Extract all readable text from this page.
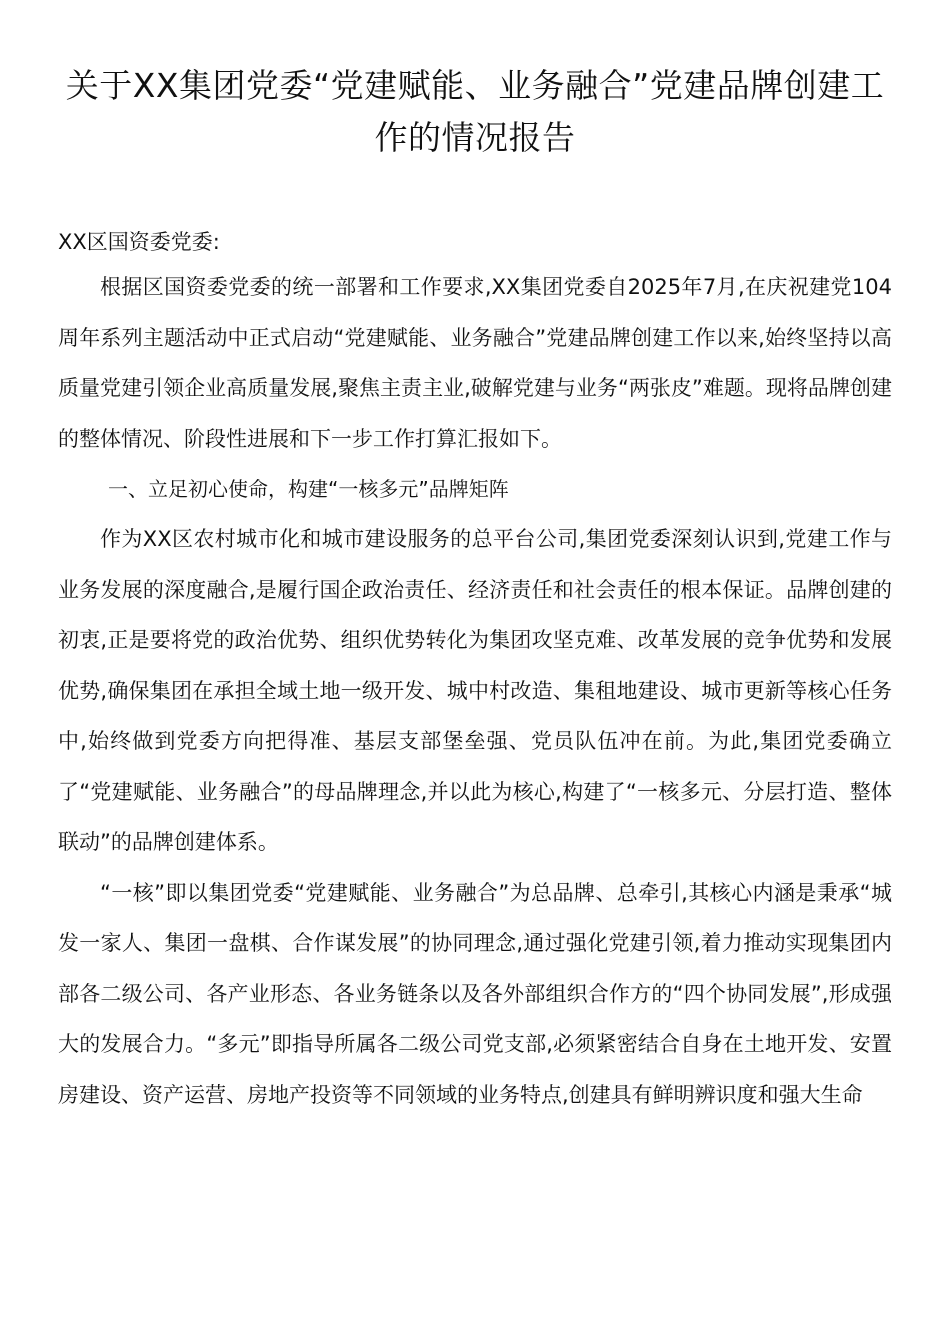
关于XX集团党委“党建赋能、业务融合”党建品牌创建工作的情况报告

XX区国资委党委:

根据区国资委党委的统一部署和工作要求,XX集团党委自2025年7月,在庆祝建党104周年系列主题活动中正式启动“党建赋能、业务融合”党建品牌创建工作以来,始终坚持以高质量党建引领企业高质量发展,聚焦主责主业,破解党建与业务“两张皮”难题。现将品牌创建的整体情况、阶段性进展和下一步工作打算汇报如下。

一、立足初心使命，构建“一核多元”品牌矩阵

作为XX区农村城市化和城市建设服务的总平台公司,集团党委深刻认识到,党建工作与业务发展的深度融合,是履行国企政治责任、经济责任和社会责任的根本保证。品牌创建的初衷,正是要将党的政治优势、组织优势转化为集团攻坚克难、改革发展的竞争优势和发展优势,确保集团在承担全域土地一级开发、城中村改造、集租地建设、城市更新等核心任务中,始终做到党委方向把得准、基层支部堡垒强、党员队伍冲在前。为此,集团党委确立了“党建赋能、业务融合”的母品牌理念,并以此为核心,构建了“一核多元、分层打造、整体联动”的品牌创建体系。

“一核”即以集团党委“党建赋能、业务融合”为总品牌、总牵引,其核心内涵是秉承“城发一家人、集团一盘棋、合作谋发展”的协同理念,通过强化党建引领,着力推动实现集团内部各二级公司、各产业形态、各业务链条以及各外部组织合作方的“四个协同发展”,形成强大的发展合力。“多元”即指导所属各二级公司党支部,必须紧密结合自身在土地开发、安置房建设、资产运营、房地产投资等不同领域的业务特点,创建具有鲜明辨识度和强大生命
